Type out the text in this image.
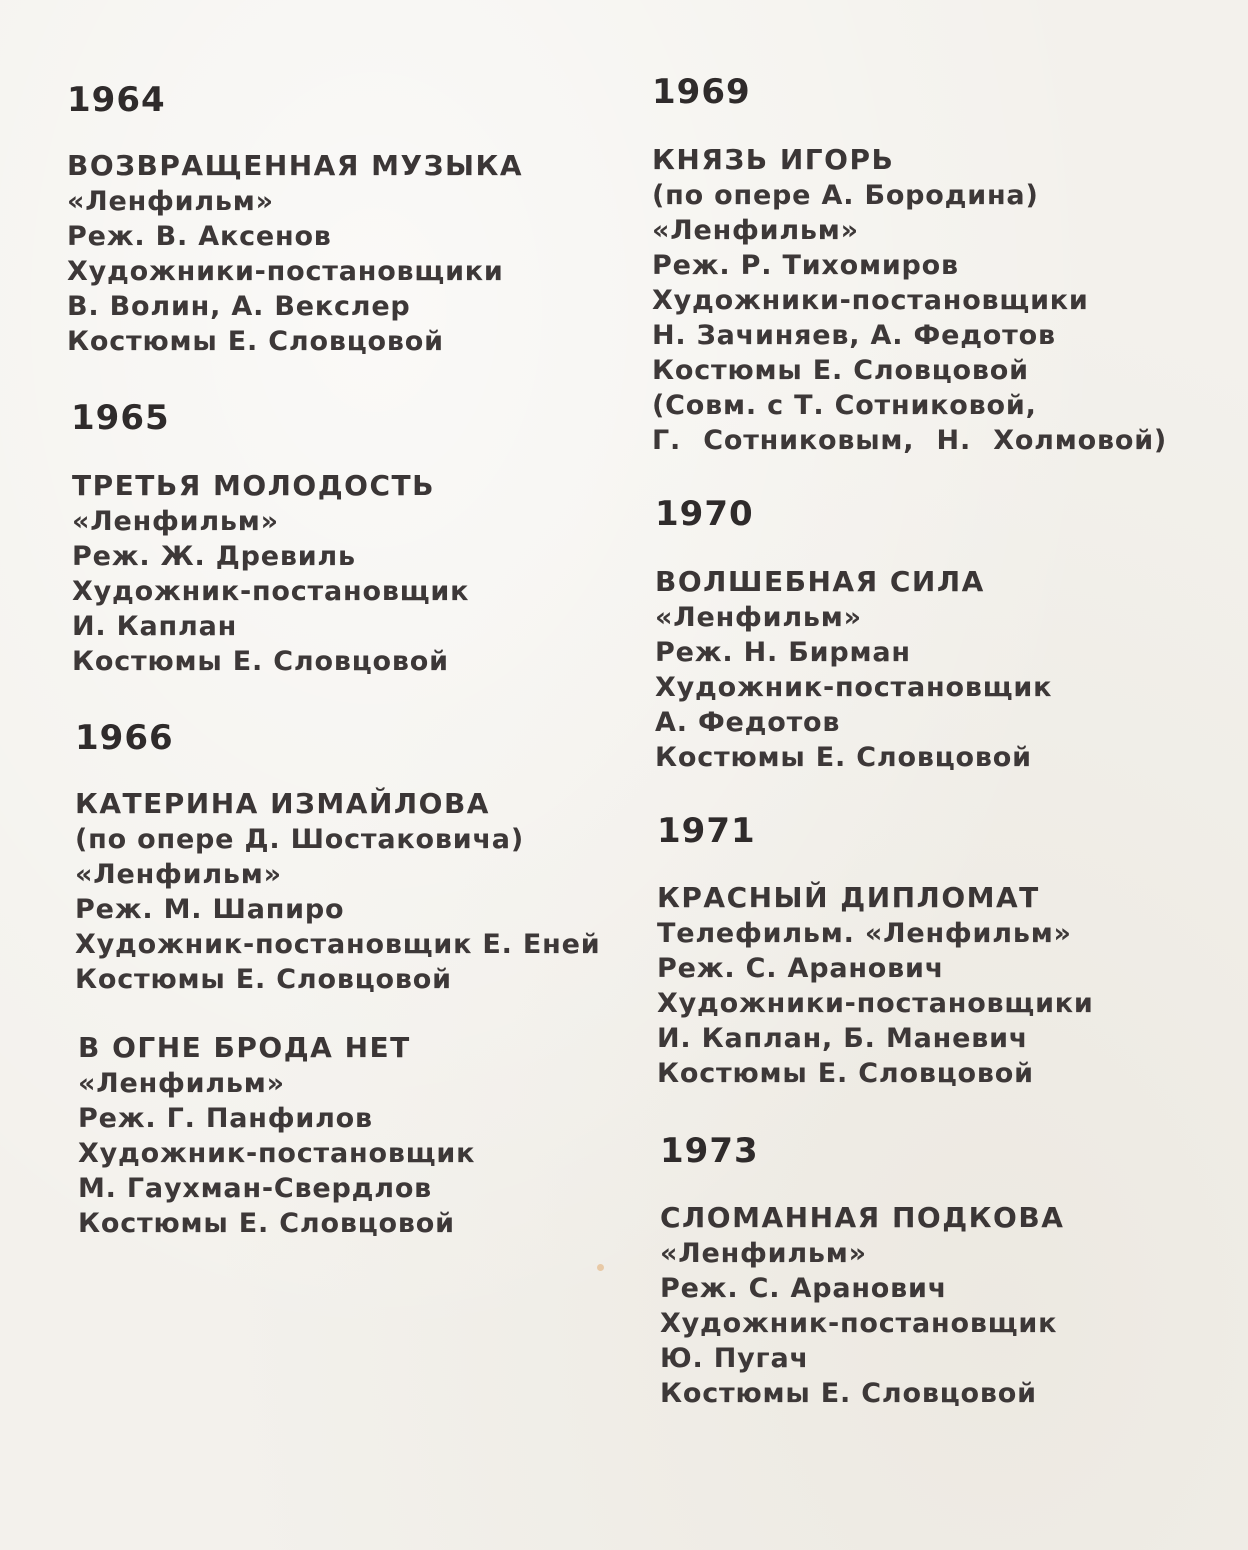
1964
ВОЗВРАЩЕННАЯ МУЗЫКА
«Ленфильм»
Реж. В. Аксенов
Художники-постановщики
В. Волин, А. Векслер
Костюмы Е. Словцовой
1965
ТРЕТЬЯ МОЛОДОСТЬ
«Ленфильм»
Реж. Ж. Древиль
Художник-постановщик
И. Каплан
Костюмы Е. Словцовой
1966
КАТЕРИНА ИЗМАЙЛОВА
(по опере Д. Шостаковича)
«Ленфильм»
Реж. М. Шапиро
Художник-постановщик Е. Еней
Костюмы Е. Словцовой
В ОГНЕ БРОДА НЕТ
«Ленфильм»
Реж. Г. Панфилов
Художник-постановщик
М. Гаухман-Свердлов
Костюмы Е. Словцовой
1969
КНЯЗЬ ИГОРЬ
(по опере А. Бородина)
«Ленфильм»
Реж. Р. Тихомиров
Художники-постановщики
Н. Зачиняев, А. Федотов
Костюмы Е. Словцовой
(Совм. с Т. Сотниковой,
Г. Сотниковым, Н. Холмовой)
1970
ВОЛШЕБНАЯ СИЛА
«Ленфильм»
Реж. Н. Бирман
Художник-постановщик
А. Федотов
Костюмы Е. Словцовой
1971
КРАСНЫЙ ДИПЛОМАТ
Телефильм. «Ленфильм»
Реж. С. Аранович
Художники-постановщики
И. Каплан, Б. Маневич
Костюмы Е. Словцовой
1973
СЛОМАННАЯ ПОДКОВА
«Ленфильм»
Реж. С. Аранович
Художник-постановщик
Ю. Пугач
Костюмы Е. Словцовой
